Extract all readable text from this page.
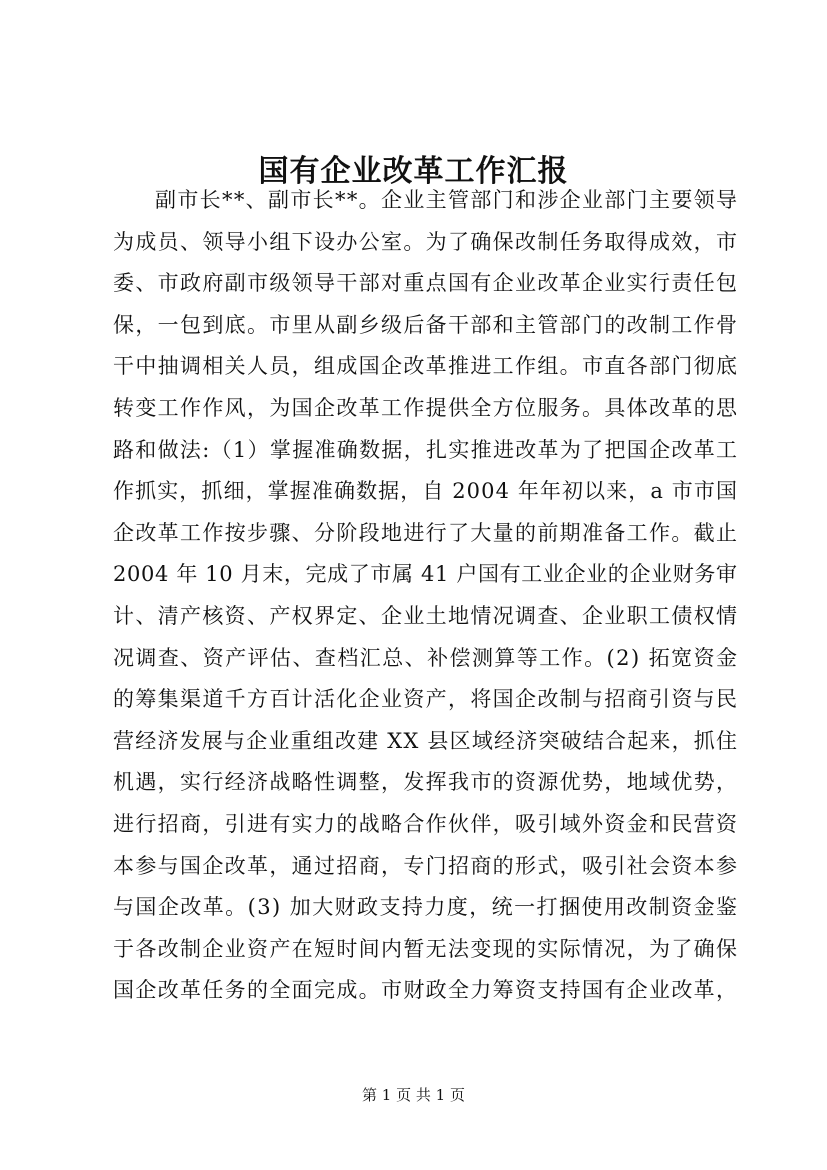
国有企业改革工作汇报
副市长**、副市长**。企业主管部门和涉企业部门主要领导
为成员、领导小组下设办公室。为了确保改制任务取得成效，市
委、市政府副市级领导干部对重点国有企业改革企业实行责任包
保，一包到底。市里从副乡级后备干部和主管部门的改制工作骨
干中抽调相关人员，组成国企改革推进工作组。市直各部门彻底
转变工作作风，为国企改革工作提供全方位服务。具体改革的思
路和做法:（1）掌握准确数据，扎实推进改革为了把国企改革工
作抓实，抓细，掌握准确数据，自 2004 年年初以来，a 市市国
企改革工作按步骤、分阶段地进行了大量的前期准备工作。截止
2004 年 10 月末，完成了市属 41 户国有工业企业的企业财务审
计、清产核资、产权界定、企业土地情况调查、企业职工债权情
况调查、资产评估、查档汇总、补偿测算等工作。(2) 拓宽资金
的筹集渠道千方百计活化企业资产，将国企改制与招商引资与民
营经济发展与企业重组改建 XX 县区域经济突破结合起来，抓住
机遇，实行经济战略性调整，发挥我市的资源优势，地域优势，
进行招商，引进有实力的战略合作伙伴，吸引域外资金和民营资
本参与国企改革，通过招商，专门招商的形式，吸引社会资本参
与国企改革。(3) 加大财政支持力度，统一打捆使用改制资金鉴
于各改制企业资产在短时间内暂无法变现的实际情况，为了确保
国企改革任务的全面完成。市财政全力筹资支持国有企业改革，
第 1 页 共 1 页
